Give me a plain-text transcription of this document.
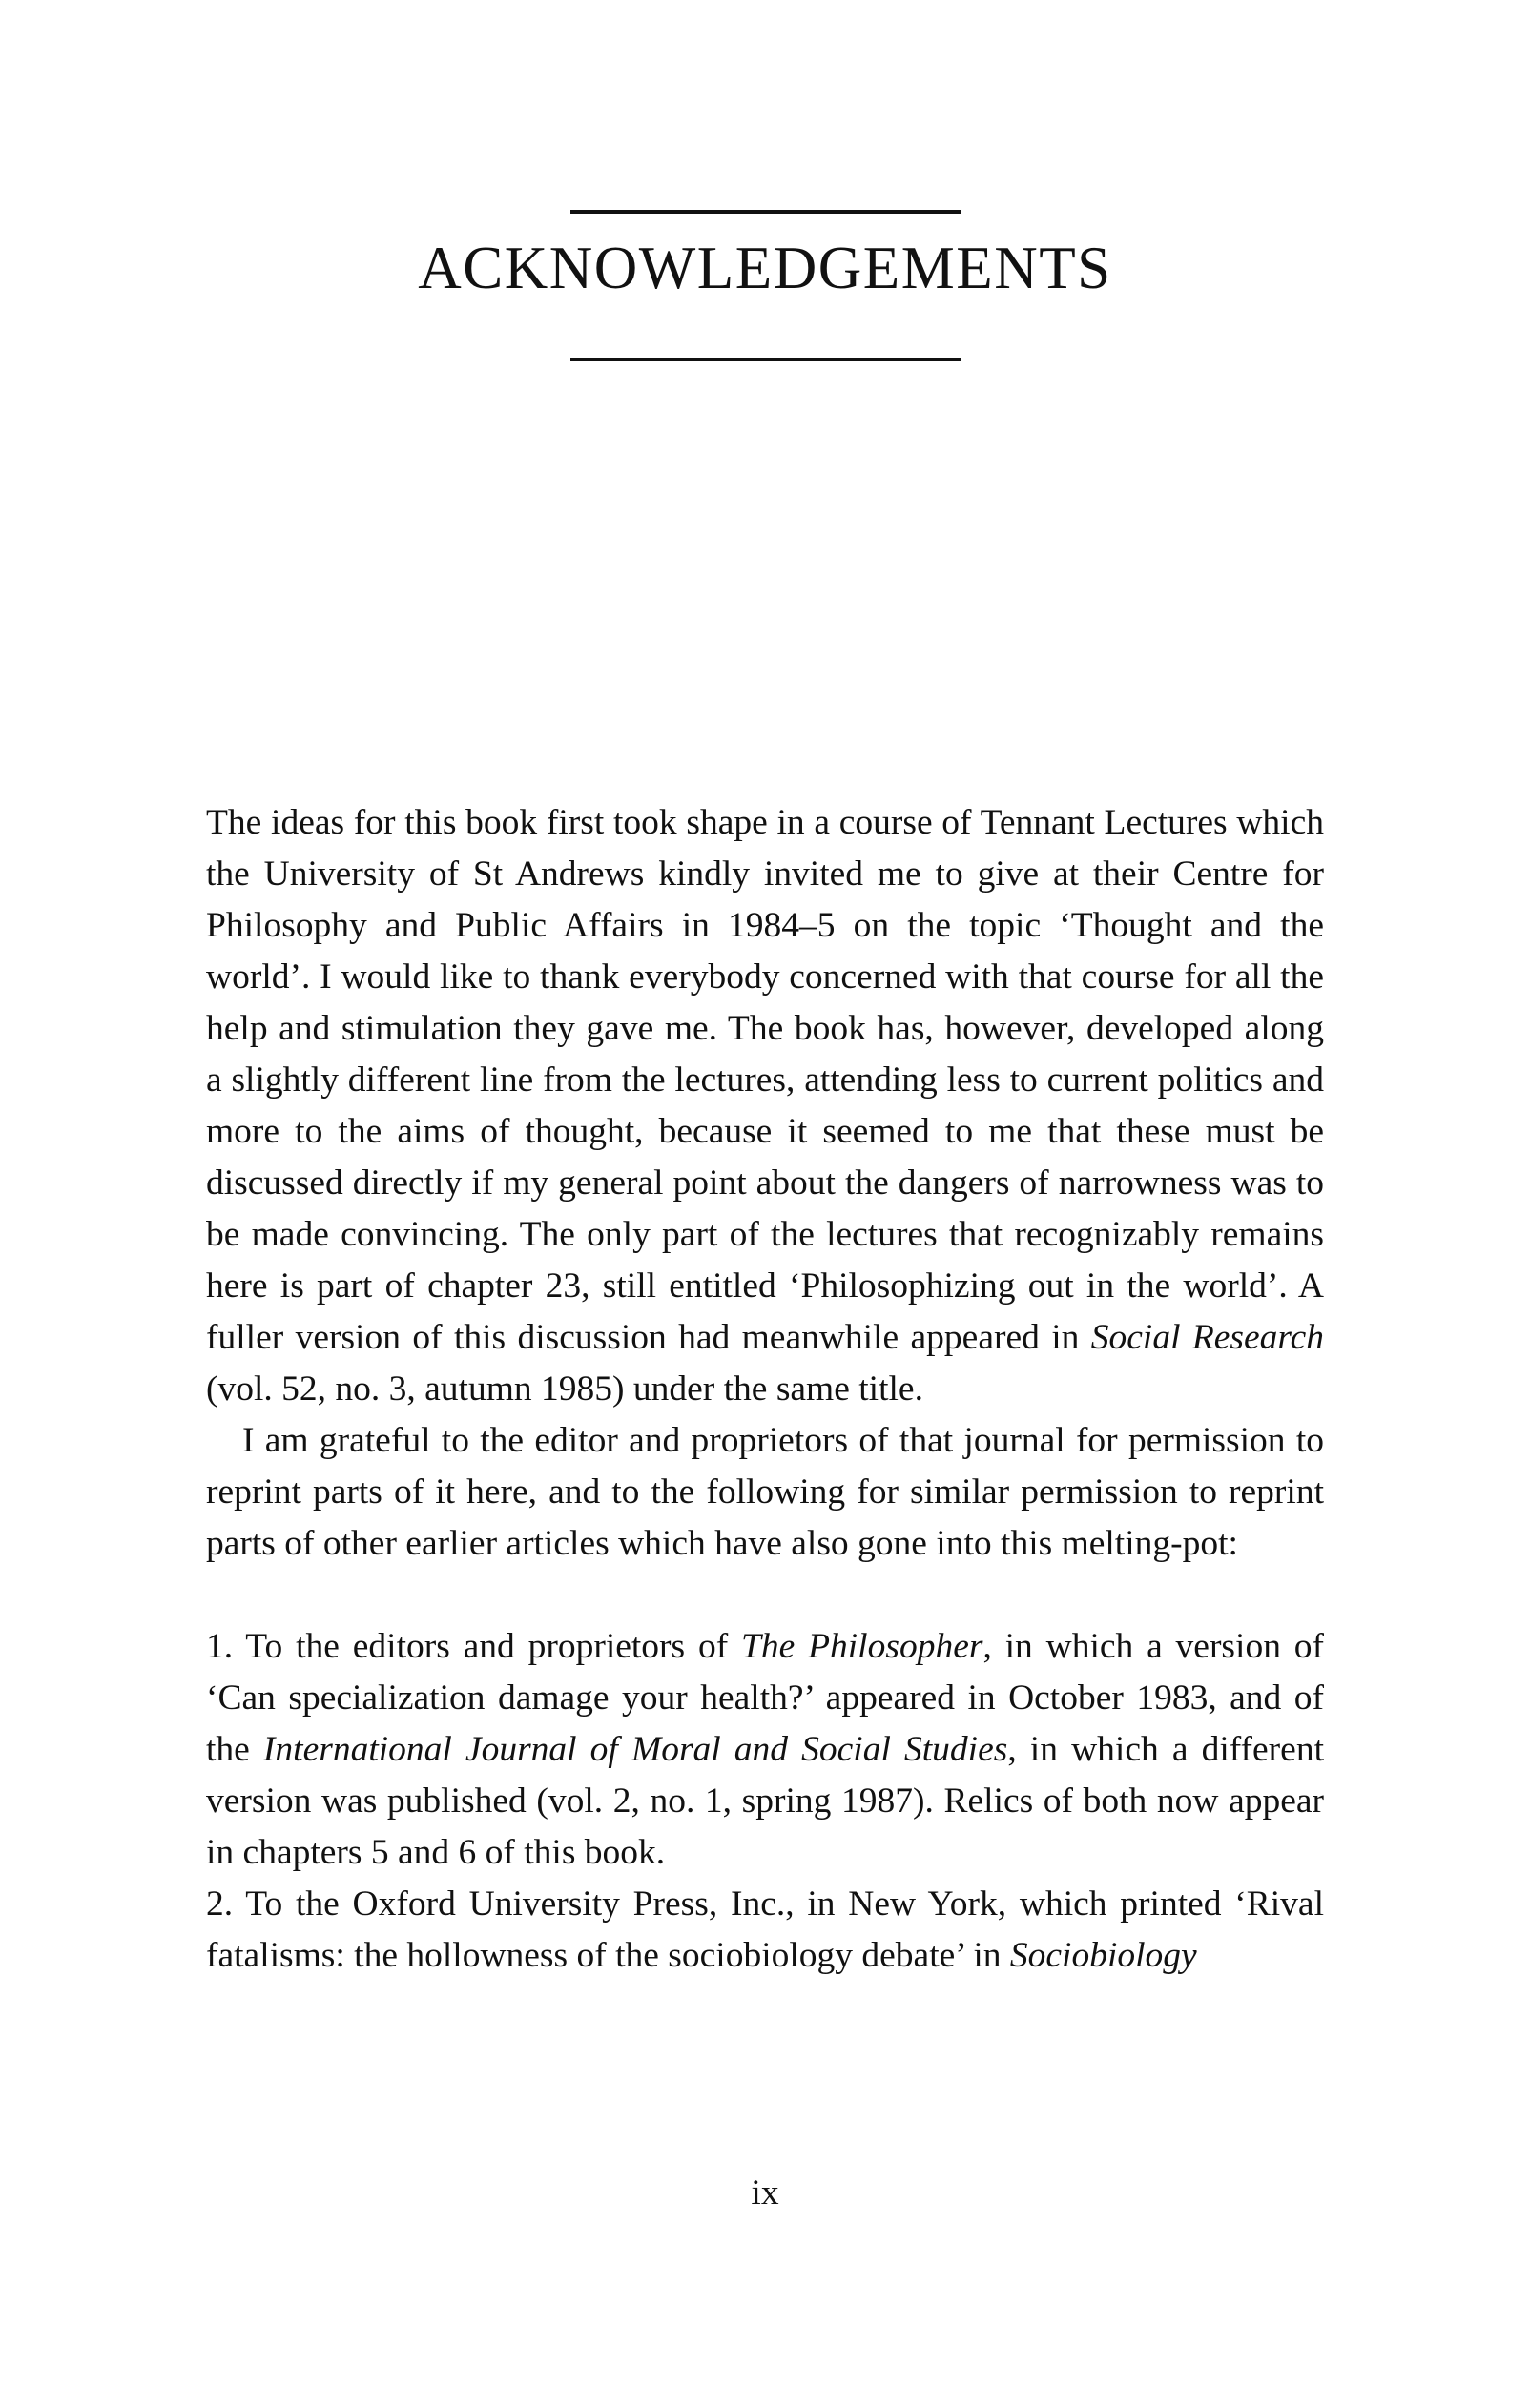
ACKNOWLEDGEMENTS

The ideas for this book first took shape in a course of Tennant Lectures which the University of St Andrews kindly invited me to give at their Centre for Philosophy and Public Affairs in 1984–5 on the topic ‘Thought and the world’. I would like to thank everybody concerned with that course for all the help and stimulation they gave me. The book has, however, developed along a slightly different line from the lectures, attending less to current politics and more to the aims of thought, because it seemed to me that these must be discussed directly if my general point about the dangers of narrowness was to be made convincing. The only part of the lectures that recognizably remains here is part of chapter 23, still entitled ‘Philosophizing out in the world’. A fuller version of this discussion had meanwhile appeared in Social Research (vol. 52, no. 3, autumn 1985) under the same title.

I am grateful to the editor and proprietors of that journal for permission to reprint parts of it here, and to the following for similar permission to reprint parts of other earlier articles which have also gone into this melting-pot:

1. To the editors and proprietors of The Philosopher, in which a version of ‘Can specialization damage your health?’ appeared in October 1983, and of the International Journal of Moral and Social Studies, in which a different version was published (vol. 2, no. 1, spring 1987). Relics of both now appear in chapters 5 and 6 of this book.

2. To the Oxford University Press, Inc., in New York, which printed ‘Rival fatalisms: the hollowness of the sociobiology debate’ in Sociobiology

ix
